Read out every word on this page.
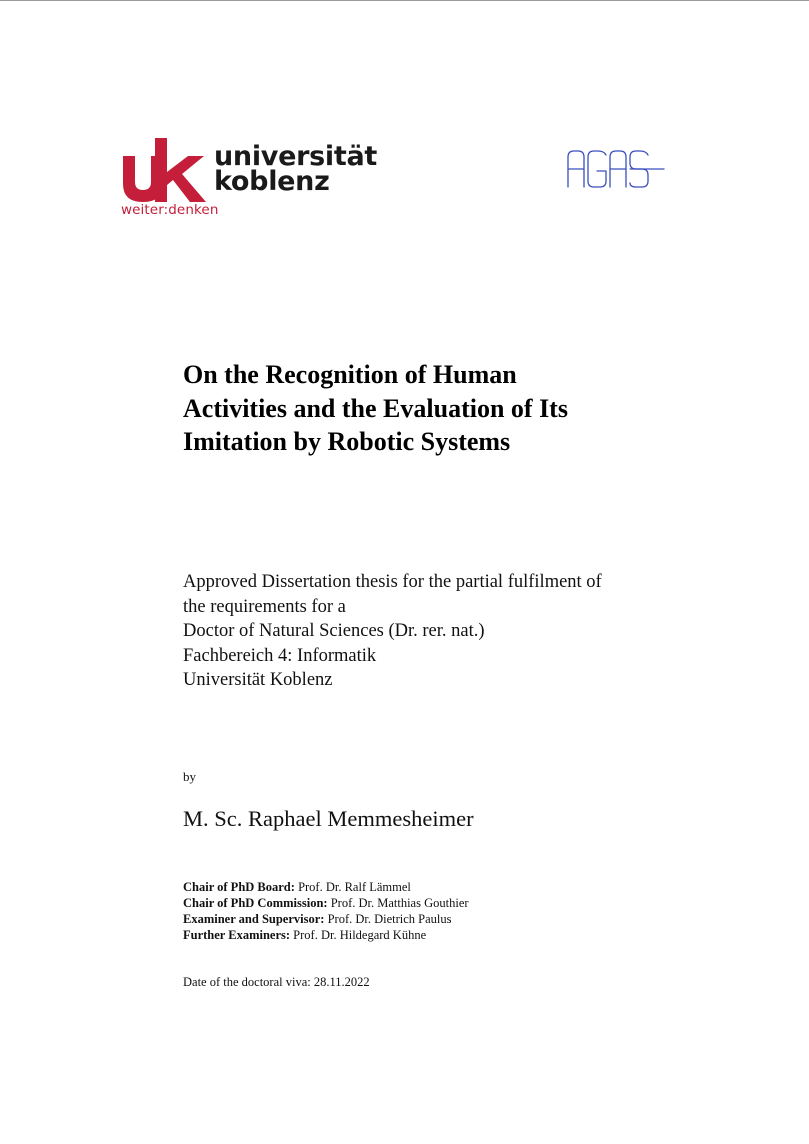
universität
koblenz
weiter:denken
On the Recognition of Human
Activities and the Evaluation of Its
Imitation by Robotic Systems
Approved Dissertation thesis for the partial fulfilment of
the requirements for a
Doctor of Natural Sciences (Dr. rer. nat.)
Fachbereich 4: Informatik
Universität Koblenz
by
M. Sc. Raphael Memmesheimer
Chair of PhD Board: Prof. Dr. Ralf Lämmel
Chair of PhD Commission: Prof. Dr. Matthias Gouthier
Examiner and Supervisor: Prof. Dr. Dietrich Paulus
Further Examiners: Prof. Dr. Hildegard Kühne
Date of the doctoral viva: 28.11.2022
